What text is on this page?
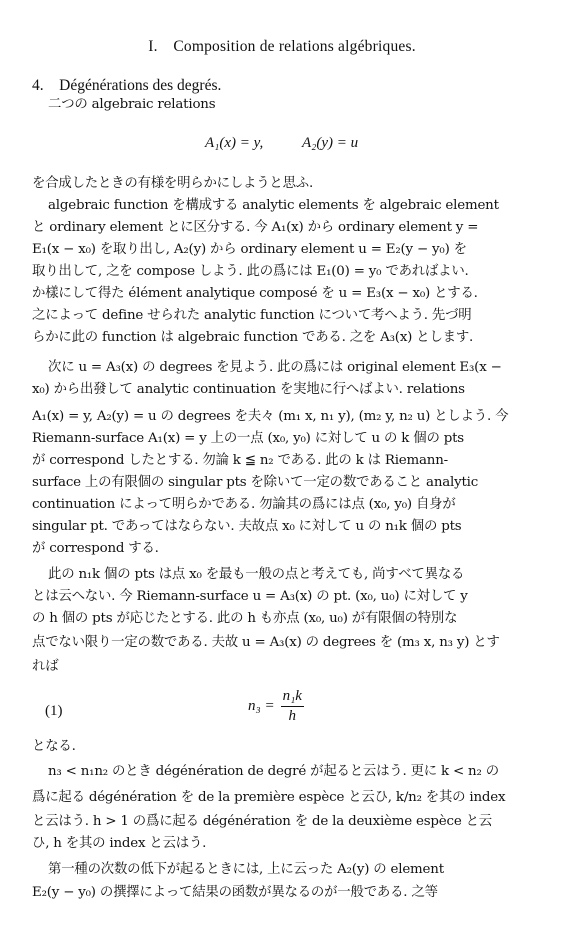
I.　Composition de relations algébriques.
4.　Dégénérations des degrés.
二つの algebraic relations
A₁(x) = y,	A₂(y) = u
を合成したときの有様を明らかにしようと思ふ.
algebraic function を構成する analytic elements を algebraic element
と ordinary element とに区分する. 今 A₁(x) から ordinary element y =
E₁(x − x₀) を取り出し, A₂(y) から ordinary element u = E₂(y − y₀) を
取り出して, 之を compose しよう. 此の爲には E₁(0) = y₀ であればよい.
か樣にして得た élément analytique composé を u = E₃(x − x₀) とする.
之によって define せられた analytic function について考へよう. 先づ明
らかに此の function は algebraic function である. 之を A₃(x) とします.
次に u = A₃(x) の degrees を見よう. 此の爲には original element E₃(x −
x₀) から出發して analytic continuation を実地に行へばよい. relations
A₁(x) = y, A₂(y) = u の degrees を夫々 (m₁ x, n₁ y), (m₂ y, n₂ u) としよう. 今
Riemann-surface A₁(x) = y 上の一点 (x₀, y₀) に対して u の k 個の pts
が correspond したとする. 勿論 k ≦ n₂ である. 此の k は Riemann-
surface 上の有限個の singular pts を除いて一定の数であること analytic
continuation によって明らかである. 勿論其の爲には点 (x₀, y₀) 自身が
singular pt. であってはならない. 夫故点 x₀ に対して u の n₁k 個の pts
が correspond する.
此の n₁k 個の pts は点 x₀ を最も一般の点と考えても, 尚すべて異なる
とは云へない. 今 Riemann-surface u = A₃(x) の pt. (x₀, u₀) に対して y
の h 個の pts が応じたとする. 此の h も亦点 (x₀, u₀) が有限個の特別な
点でない限り一定の数である. 夫故 u = A₃(x) の degrees を (m₃ x, n₃ y) とす
れば
(1)	$n_3 = \frac{\text{n₁k}}{h}$
となる.
n₃ < n₁n₂ のとき dégénération de degré が起ると云はう. 更に k < n₂ の
爲に起る dégénération を de la première espèce と云ひ, k/n₂ を其の index
と云はう. h > 1 の爲に起る dégénération を de la deuxième espèce と云
ひ, h を其の index と云はう.
第一種の次数の低下が起るときには, 上に云った A₂(y) の element
E₂(y − y₀) の撰擇によって結果の函数が異なるのが一般である. 之等
